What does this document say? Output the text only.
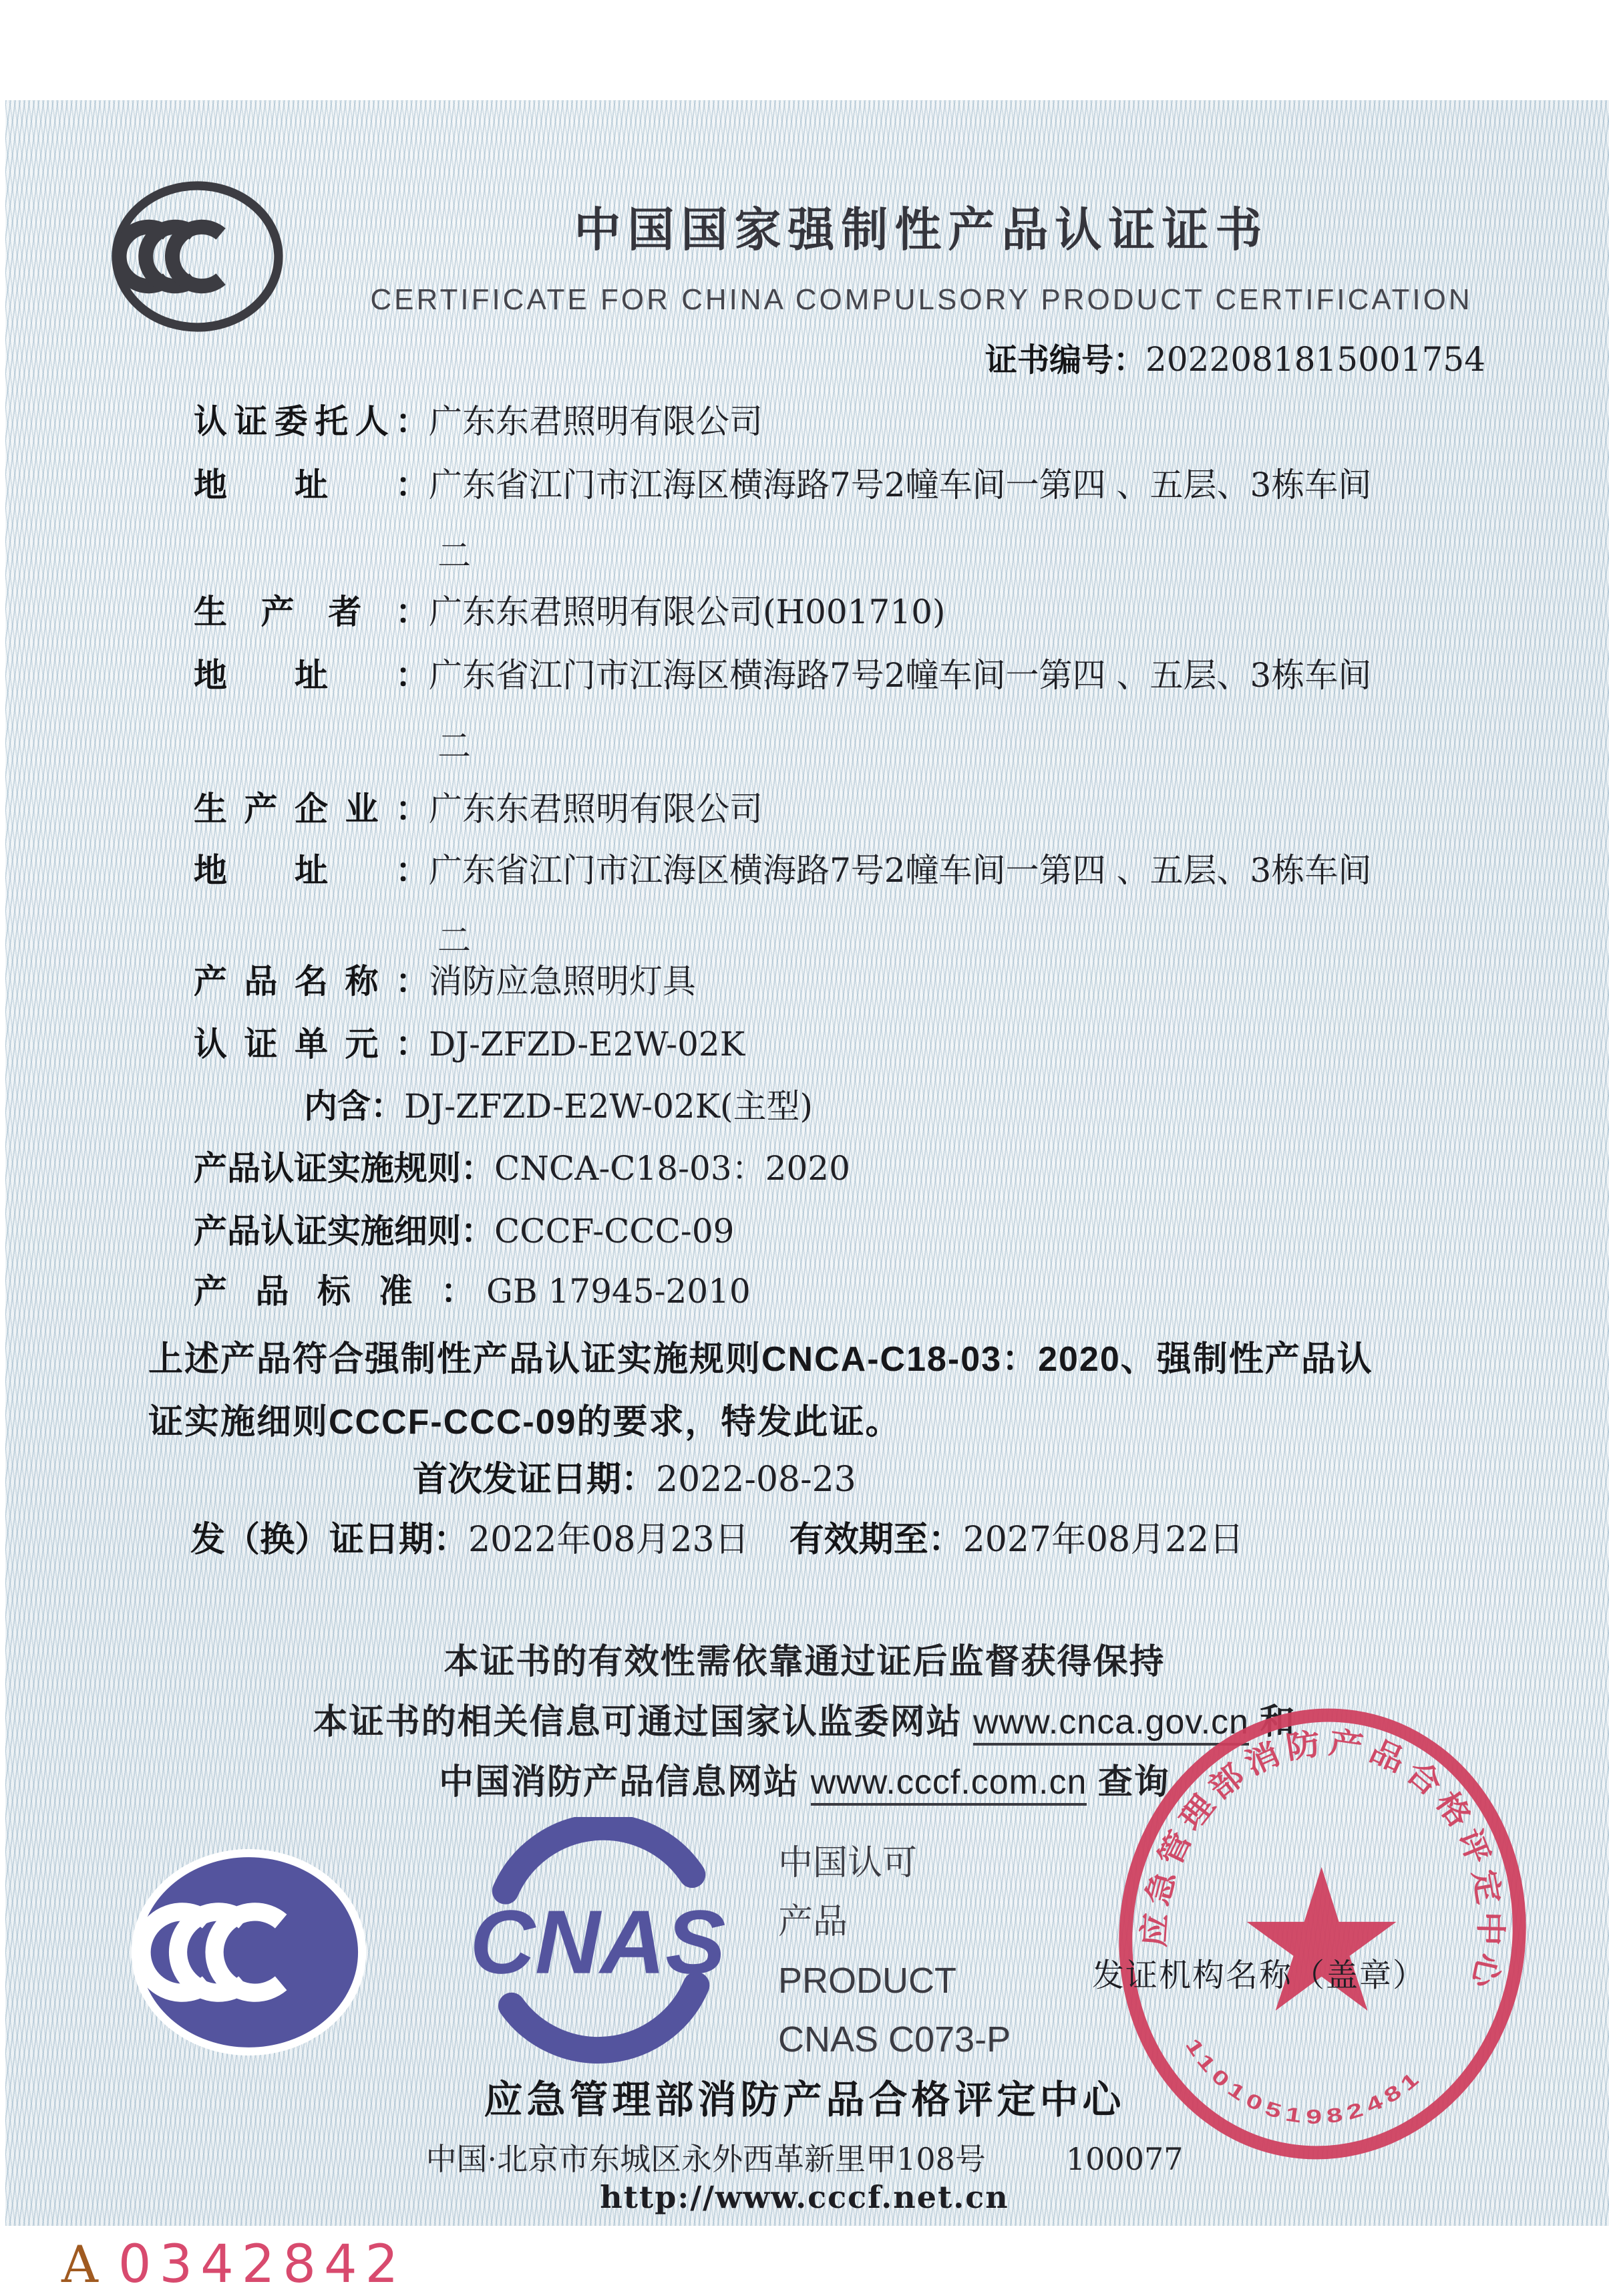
中国国家强制性产品认证证书
CERTIFICATE FOR CHINA COMPULSORY PRODUCT CERTIFICATION
证书编号：2022081815001754
认证委托人： 广东东君照明有限公司
地址： 广东省江门市江海区横海路7号2幢车间一第四 、五层、3栋车间
二
生产者： 广东东君照明有限公司(H001710)
地址： 广东省江门市江海区横海路7号2幢车间一第四 、五层、3栋车间
二
生产企业： 广东东君照明有限公司
地址： 广东省江门市江海区横海路7号2幢车间一第四 、五层、3栋车间
二
产品名称： 消防应急照明灯具
认证单元： DJ-ZFZD-E2W-02K
内含： DJ-ZFZD-E2W-02K(主型)
产品认证实施规则： CNCA-C18-03：2020
产品认证实施细则： CCCF-CCC-09
产品标准： GB 17945-2010
上述产品符合强制性产品认证实施规则CNCA-C18-03：2020、强制性产品认
证实施细则CCCF-CCC-09的要求，特发此证。
首次发证日期：2022-08-23
发（换）证日期：2022年08月23日 有效期至：2027年08月22日
本证书的有效性需依靠通过证后监督获得保持
本证书的相关信息可通过国家认监委网站 www.cnca.gov.cn 和
中国消防产品信息网站 www.cccf.com.cn 查询
CNAS
中国认可
产品
PRODUCT
CNAS C073-P
应急管理部消防产品合格评定中心
1101051982481
发证机构名称（盖章）
应急管理部消防产品合格评定中心
中国·北京市东城区永外西革新里甲108号	100077
http://www.cccf.net.cn
A 0342842
